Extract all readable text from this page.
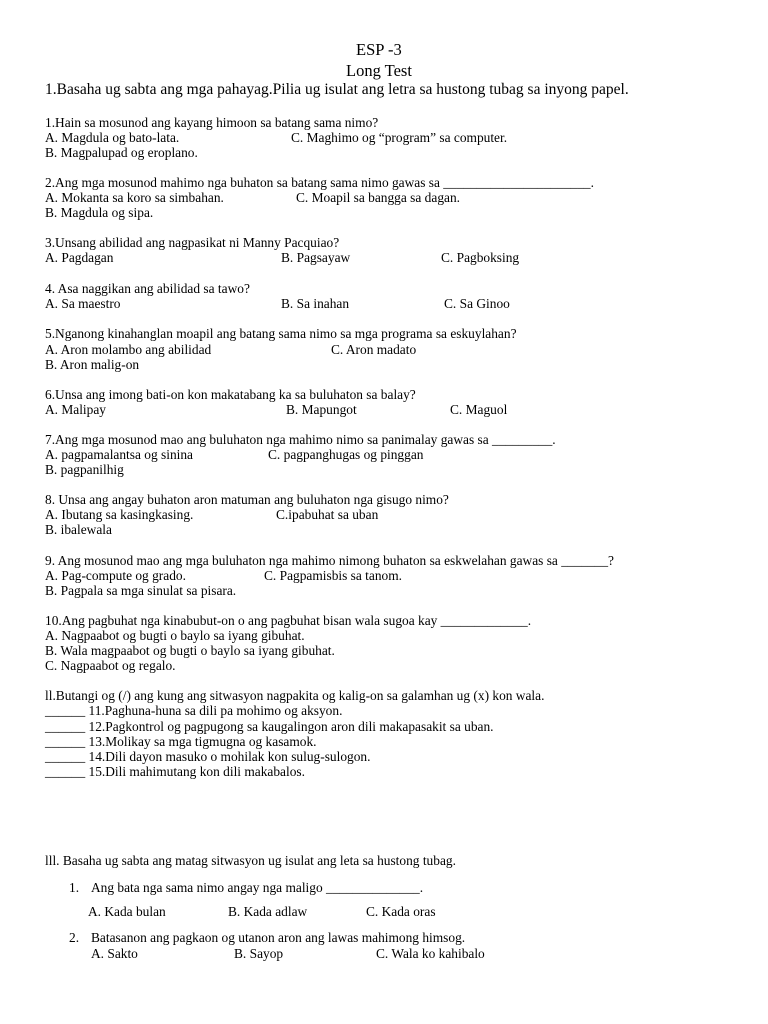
ESP -3
Long Test
1.Basaha ug sabta ang mga pahayag.Pilia ug isulat ang letra sa hustong tubag sa inyong papel.
1.Hain sa mosunod ang kayang himoon sa batang sama nimo?
A. Magdula og bato-lata.	C. Maghimo og “program” sa computer.
B. Magpalupad og eroplano.
2.Ang mga mosunod mahimo nga buhaton sa batang sama nimo gawas sa ______________________.
A. Mokanta sa koro sa simbahan.	C. Moapil sa bangga sa dagan.
B. Magdula og sipa.
3.Unsang abilidad ang nagpasikat ni Manny Pacquiao?
A. Pagdagan	B. Pagsayaw	C. Pagboksing
4. Asa naggikan ang abilidad sa tawo?
A. Sa maestro	B. Sa inahan	C. Sa Ginoo
5.Nganong kinahanglan moapil ang batang sama nimo sa mga programa sa eskuylahan?
A. Aron molambo ang abilidad	C. Aron madato
B. Aron malig-on
6.Unsa ang imong bati-on kon makatabang ka sa buluhaton sa balay?
A. Malipay	B. Mapungot	C. Maguol
7.Ang mga mosunod mao ang buluhaton nga mahimo nimo sa panimalay gawas sa _________.
A. pagpamalantsa og sinina	C. pagpanghugas og pinggan
B. pagpanilhig
8. Unsa ang angay buhaton aron matuman ang buluhaton nga gisugo nimo?
A. Ibutang sa kasingkasing.	C.ipabuhat sa uban
B. ibalewala
9. Ang mosunod mao ang mga buluhaton nga mahimo nimong buhaton sa eskwelahan gawas sa _______?
A. Pag-compute og grado.	C. Pagpamisbis sa tanom.
B. Pagpala sa mga sinulat sa pisara.
10.Ang pagbuhat nga kinabubut-on o ang pagbuhat bisan wala sugoa kay _____________.
A. Nagpaabot og bugti o baylo sa iyang gibuhat.
B. Wala magpaabot og bugti o baylo sa iyang gibuhat.
C. Nagpaabot og regalo.
ll.Butangi og (/) ang kung ang sitwasyon nagpakita og kalig-on sa galamhan ug (x) kon wala.
______ 11.Paghuna-huna sa dili pa mohimo og aksyon.
______ 12.Pagkontrol og pagpugong sa kaugalingon aron dili makapasakit sa uban.
______ 13.Molikay sa mga tigmugna og kasamok.
______ 14.Dili dayon masuko o mohilak kon sulug-sulogon.
______ 15.Dili mahimutang kon dili makabalos.
lll. Basaha ug sabta ang matag sitwasyon ug isulat ang leta sa hustong tubag.
1. Ang bata nga sama nimo angay nga maligo ______________.
A. Kada bulan	B. Kada adlaw	C. Kada oras
2. Batasanon ang pagkaon og utanon aron ang lawas mahimong himsog.
A. Sakto	B. Sayop	C. Wala ko kahibalo
